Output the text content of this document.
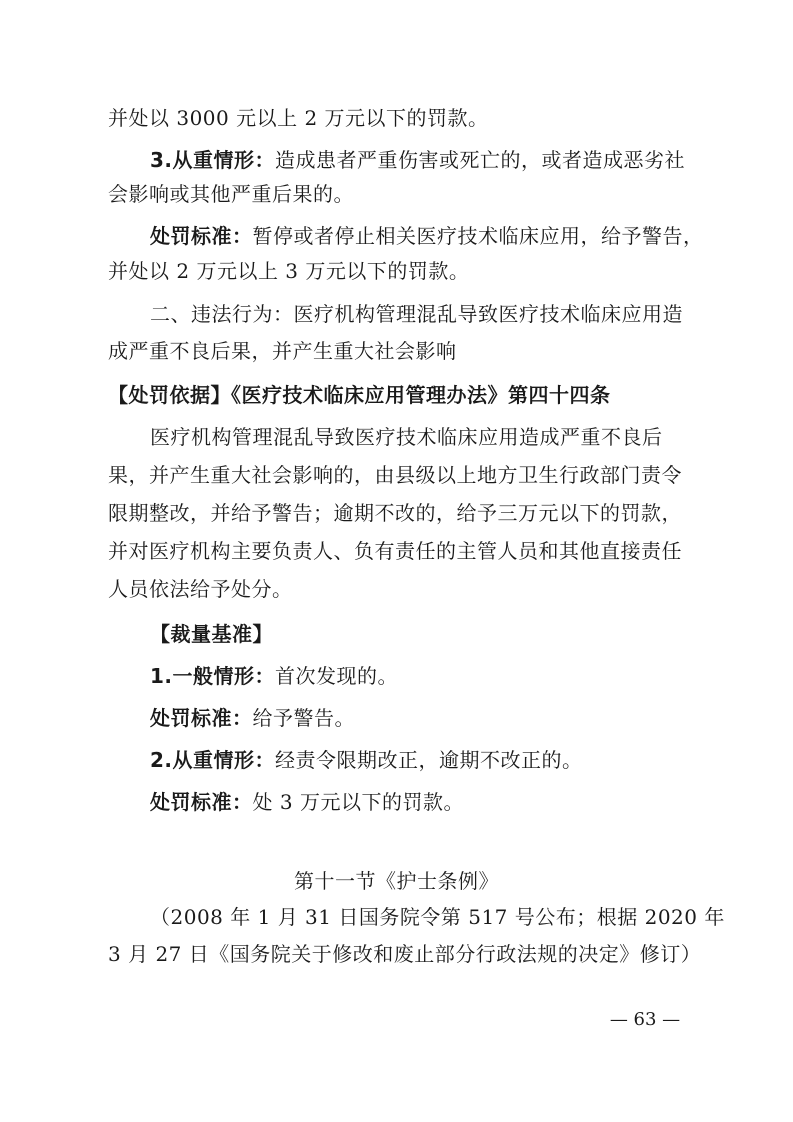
并处以 3000 元以上 2 万元以下的罚款。
3.从重情形：造成患者严重伤害或死亡的，或者造成恶劣社
会影响或其他严重后果的。
处罚标准：暂停或者停止相关医疗技术临床应用，给予警告，
并处以 2 万元以上 3 万元以下的罚款。
二、违法行为：医疗机构管理混乱导致医疗技术临床应用造
成严重不良后果，并产生重大社会影响
【处罚依据】《医疗技术临床应用管理办法》第四十四条
医疗机构管理混乱导致医疗技术临床应用造成严重不良后
果，并产生重大社会影响的，由县级以上地方卫生行政部门责令
限期整改，并给予警告；逾期不改的，给予三万元以下的罚款，
并对医疗机构主要负责人、负有责任的主管人员和其他直接责任
人员依法给予处分。
【裁量基准】
1.一般情形：首次发现的。
处罚标准：给予警告。
2.从重情形：经责令限期改正，逾期不改正的。
处罚标准：处 3 万元以下的罚款。
第十一节《护士条例》
（2008 年 1 月 31 日国务院令第 517 号公布；根据 2020 年
3 月 27 日《国务院关于修改和废止部分行政法规的决定》修订）
— 63 —
